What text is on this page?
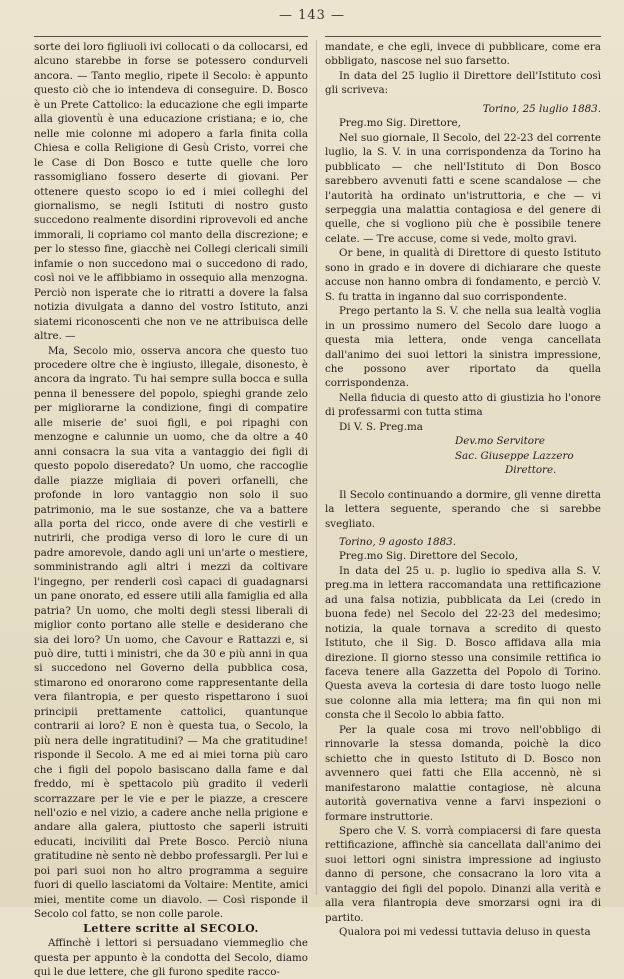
— 143 —

sorte dei loro figliuoli ivi collocati o da collocarsi, ed alcuno starebbe in forse se potessero condurveli ancora. — Tanto meglio, ripete il Secolo: è appunto questo ciò che io intendeva di conseguire. D. Bosco è un Prete Cattolico: la educazione che egli imparte alla gioventù è una educazione cristiana; e io, che nelle mie colonne mi adopero a farla finita colla Chiesa e colla Religione di Gesù Cristo, vorrei che le Case di Don Bosco e tutte quelle che loro rassomigliano fossero deserte di giovani. Per ottenere questo scopo io ed i miei colleghi del giornalismo, se negli Istituti di nostro gusto succedono realmente disordini riprovevoli ed anche immorali, li copriamo col manto della discrezione; e per lo stesso fine, giacchè nei Collegi clericali simili infamie o non succedono mai o succedono di rado, così noi ve le affibbiamo in ossequio alla menzogna. Perciò non isperate che io ritratti a dovere la falsa notizia divulgata a danno del vostro Istituto, anzi siatemi riconoscenti che non ve ne attribuisca delle altre. —

Ma, Secolo mio, osserva ancora che questo tuo procedere oltre che è ingiusto, illegale, disonesto, è ancora da ingrato. Tu hai sempre sulla bocca e sulla penna il benessere del popolo, spieghi grande zelo per migliorarne la condizione, fingi di compatire alle miserie de' suoi figli, e poi ripaghi con menzogne e calunnie un uomo, che da oltre a 40 anni consacra la sua vita a vantaggio dei figli di questo popolo diseredato? Un uomo, che raccoglie dalle piazze migliaia di poveri orfanelli, che profonde in loro vantaggio non solo il suo patrimonio, ma le sue sostanze, che va a battere alla porta del ricco, onde avere di che vestirli e nutrirli, che prodiga verso di loro le cure di un padre amorevole, dando agli uni un'arte o mestiere, somministrando agli altri i mezzi da coltivare l'ingegno, per renderli così capaci di guadagnarsi un pane onorato, ed essere utili alla famiglia ed alla patria? Un uomo, che molti degli stessi liberali di miglior conto portano alle stelle e desiderano che sia dei loro? Un uomo, che Cavour e Rattazzi e, si può dire, tutti i ministri, che da 30 e più anni in qua si succedono nel Governo della pubblica cosa, stimarono ed onorarono come rappresentante della vera filantropia, e per questo rispettarono i suoi principii prettamente cattolici, quantunque contrarii ai loro? E non è questa tua, o Secolo, la più nera delle ingratitudini? — Ma che gratitudine! risponde il Secolo. A me ed ai miei torna più caro che i figli del popolo basiscano dalla fame e dal freddo, mi è spettacolo più gradito il vederli scorrazzare per le vie e per le piazze, a crescere nell'ozio e nel vizio, a cadere anche nella prigione e andare alla galera, piuttosto che saperli istruiti educati, inciviliti dal Prete Bosco. Perciò niuna gratitudine nè sento nè debbo professargli. Per lui e poi pari suoi non ho altro programma a seguire fuori di quello lasciatomi da Voltaire: Mentite, amici miei, mentite come un diavolo. — Così risponde il Secolo col fatto, se non colle parole.

Lettere scritte al SECOLO.

Affinchè i lettori si persuadano viemmeglio che questa per appunto è la condotta del Secolo, diamo qui le due lettere, che gli furono spedite racco-

mandate, e che egli, invece di pubblicare, come era obbligato, nascose nel suo farsetto.

In data del 25 luglio il Direttore dell'Istituto così gli scriveva:

Torino, 25 luglio 1883.

Preg.mo Sig. Direttore,

Nel suo giornale, Il Secolo, del 22-23 del corrente luglio, la S. V. in una corrispondenza da Torino ha pubblicato — che nell'Istituto di Don Bosco sarebbero avvenuti fatti e scene scandalose — che l'autorità ha ordinato un'istruttoria, e che — vi serpeggia una malattia contagiosa e del genere di quelle, che si vogliono più che è possibile tenere celate. — Tre accuse, come si vede, molto gravi.

Or bene, in qualità di Direttore di questo Istituto sono in grado e in dovere di dichiarare che queste accuse non hanno ombra di fondamento, e perciò V. S. fu tratta in inganno dal suo corrispondente.

Prego pertanto la S. V. che nella sua lealtà voglia in un prossimo numero del Secolo dare luogo a questa mia lettera, onde venga cancellata dall'animo dei suoi lettori la sinistra impressione, che possono aver riportato da quella corrispondenza.

Nella fiducia di questo atto di giustizia ho l'onore di professarmi con tutta stima

Di V. S. Preg.ma

Dev.mo Servitore
Sac. Giuseppe Lazzero
Direttore.

Il Secolo continuando a dormire, gli venne diretta la lettera seguente, sperando che si sarebbe svegliato.

Torino, 9 agosto 1883.

Preg.mo Sig. Direttore del Secolo,

In data del 25 u. p. luglio io spediva alla S. V. preg.ma in lettera raccomandata una rettificazione ad una falsa notizia, pubblicata da Lei (credo in buona fede) nel Secolo del 22-23 del medesimo; notizia, la quale tornava a scredito di questo Istituto, che il Sig. D. Bosco affidava alla mia direzione. Il giorno stesso una consimile rettifica io faceva tenere alla Gazzetta del Popolo di Torino. Questa aveva la cortesia di dare tosto luogo nelle sue colonne alla mia lettera; ma fin qui non mi consta che il Secolo lo abbia fatto.

Per la quale cosa mi trovo nell'obbligo di rinnovarle la stessa domanda, poichè la dico schietto che in questo Istituto di D. Bosco non avvennero quei fatti che Ella accennò, nè si manifestarono malattie contagiose, nè alcuna autorità governativa venne a farvi inspezioni o formare instruttorie.

Spero che V. S. vorrà compiacersi di fare questa rettificazione, affinchè sia cancellata dall'animo dei suoi lettori ogni sinistra impressione ad ingiusto danno di persone, che consacrano la loro vita a vantaggio dei figli del popolo. Dinanzi alla verità e alla vera filantropia deve smorzarsi ogni ira di partito.

Qualora poi mi vedessi tuttavia deluso in questa
